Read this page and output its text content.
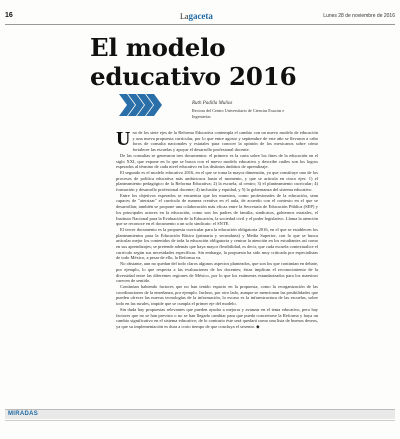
16	Lagaceta	Lunes 28 de noviembre de 2016
El modelo educativo 2016
Ruth Padilla Muñoz
Rectora del Centro Universitario de Ciencias Exactas e Ingenierías

Uno de los siete ejes de la Reforma Educativa contempla el cambio con un nuevo modelo de educación y una nueva propuesta curricular, por lo que entre agosto y septiembre de este año se llevaron a cabo foros de consulta nacionales y estatales para conocer la opinión de los mexicanos sobre cómo fortalecer las escuelas y apoyar el desarrollo profesional docente.

De las consultas se generaron tres documentos: el primero es la carta sobre los fines de la educación en el siglo XXI, que expone en lo que se busca con el nuevo modelo educativo y describe cuáles son los logros esperados al término de cada nivel educativo en los distintos ámbitos de aprendizaje.

El segundo es el modelo educativo 2016, en el que se toma la mayor dimensión, ya que constituye uno de los procesos de política educativa más ambiciosos hasta el momento, y que se articula en cinco ejes: 1) el planteamiento pedagógico de la Reforma Educativa; 2) la escuela, al centro; 3) el planteamiento curricular; 4) formación y desarrollo profesional docente; 4) inclusión y equidad, y 5) la gobernanza del sistema educativo.

Entre los objetivos esperados se encuentra que los maestros, como profesionales de la educación, sean capaces de "aterrizar" el currículo de manera creativa en el aula, de acuerdo con el contexto en el que se desarrollan; también se propone una colaboración más eficaz entre la Secretaría de Educación Pública (SEP) y los principales actores en la educación, como son los padres de familia, sindicatos, gobiernos estatales, el Instituto Nacional para la Evaluación de la Educación, la sociedad civil y el poder legislativo. Llama la atención que se reconoce en el documento a un solo sindicato: el SNTE.

El tercer documento es la propuesta curricular para la educación obligatoria 2016, en el que se establecen los planteamientos para la Educación Básica (primaria y secundaria) y Media Superior, con lo que se busca articular mejor los contenidos de toda la educación obligatoria y centrar la atención en los estudiantes así como en sus aprendizajes; se pretende además que haya mayor flexibilidad, es decir, que cada escuela contextualice el currículo según sus necesidades específicas. Sin embargo, la propuesta ha sido muy criticada por especialistas de todo México, a pesar de ello, la Reforma va.

No obstante, aun no quedan del todo claros algunos aspectos planteados, que son los que continúan en debate, por ejemplo, lo que respecta a las evaluaciones de los docentes; éstas implican el reconocimiento de la diversidad entre las diferentes regiones de México, por lo que los exámenes estandarizados para los maestros carecen de sentido.

Continúan habiendo factores que no han tenido espacio en la propuesta, como la reorganización de las coordinaciones de la enseñanza, por ejemplo. Incluso, por otro lado, aunque se mencionan las posibilidades que pueden ofrecer las nuevas tecnologías de la información, lo escaso es la infraestructura de las escuelas, sobre todo en las rurales, impide que se cumpla el primer eje del modelo.

Sin duda hay propuestas relevantes que pueden ayudar a mejorar y avanzar en el tema educativo, pero hay factores que no se han previsto o no se han llegado cambiar para que pueda concretarse la Reforma y haya un cambio significativo en el sistema educativo; de lo contrario éste será quedará como una lista de buenos deseos, ya que su implementación es dura a corto tiempo de que concluya el sexenio. ◆

MIRADAS
